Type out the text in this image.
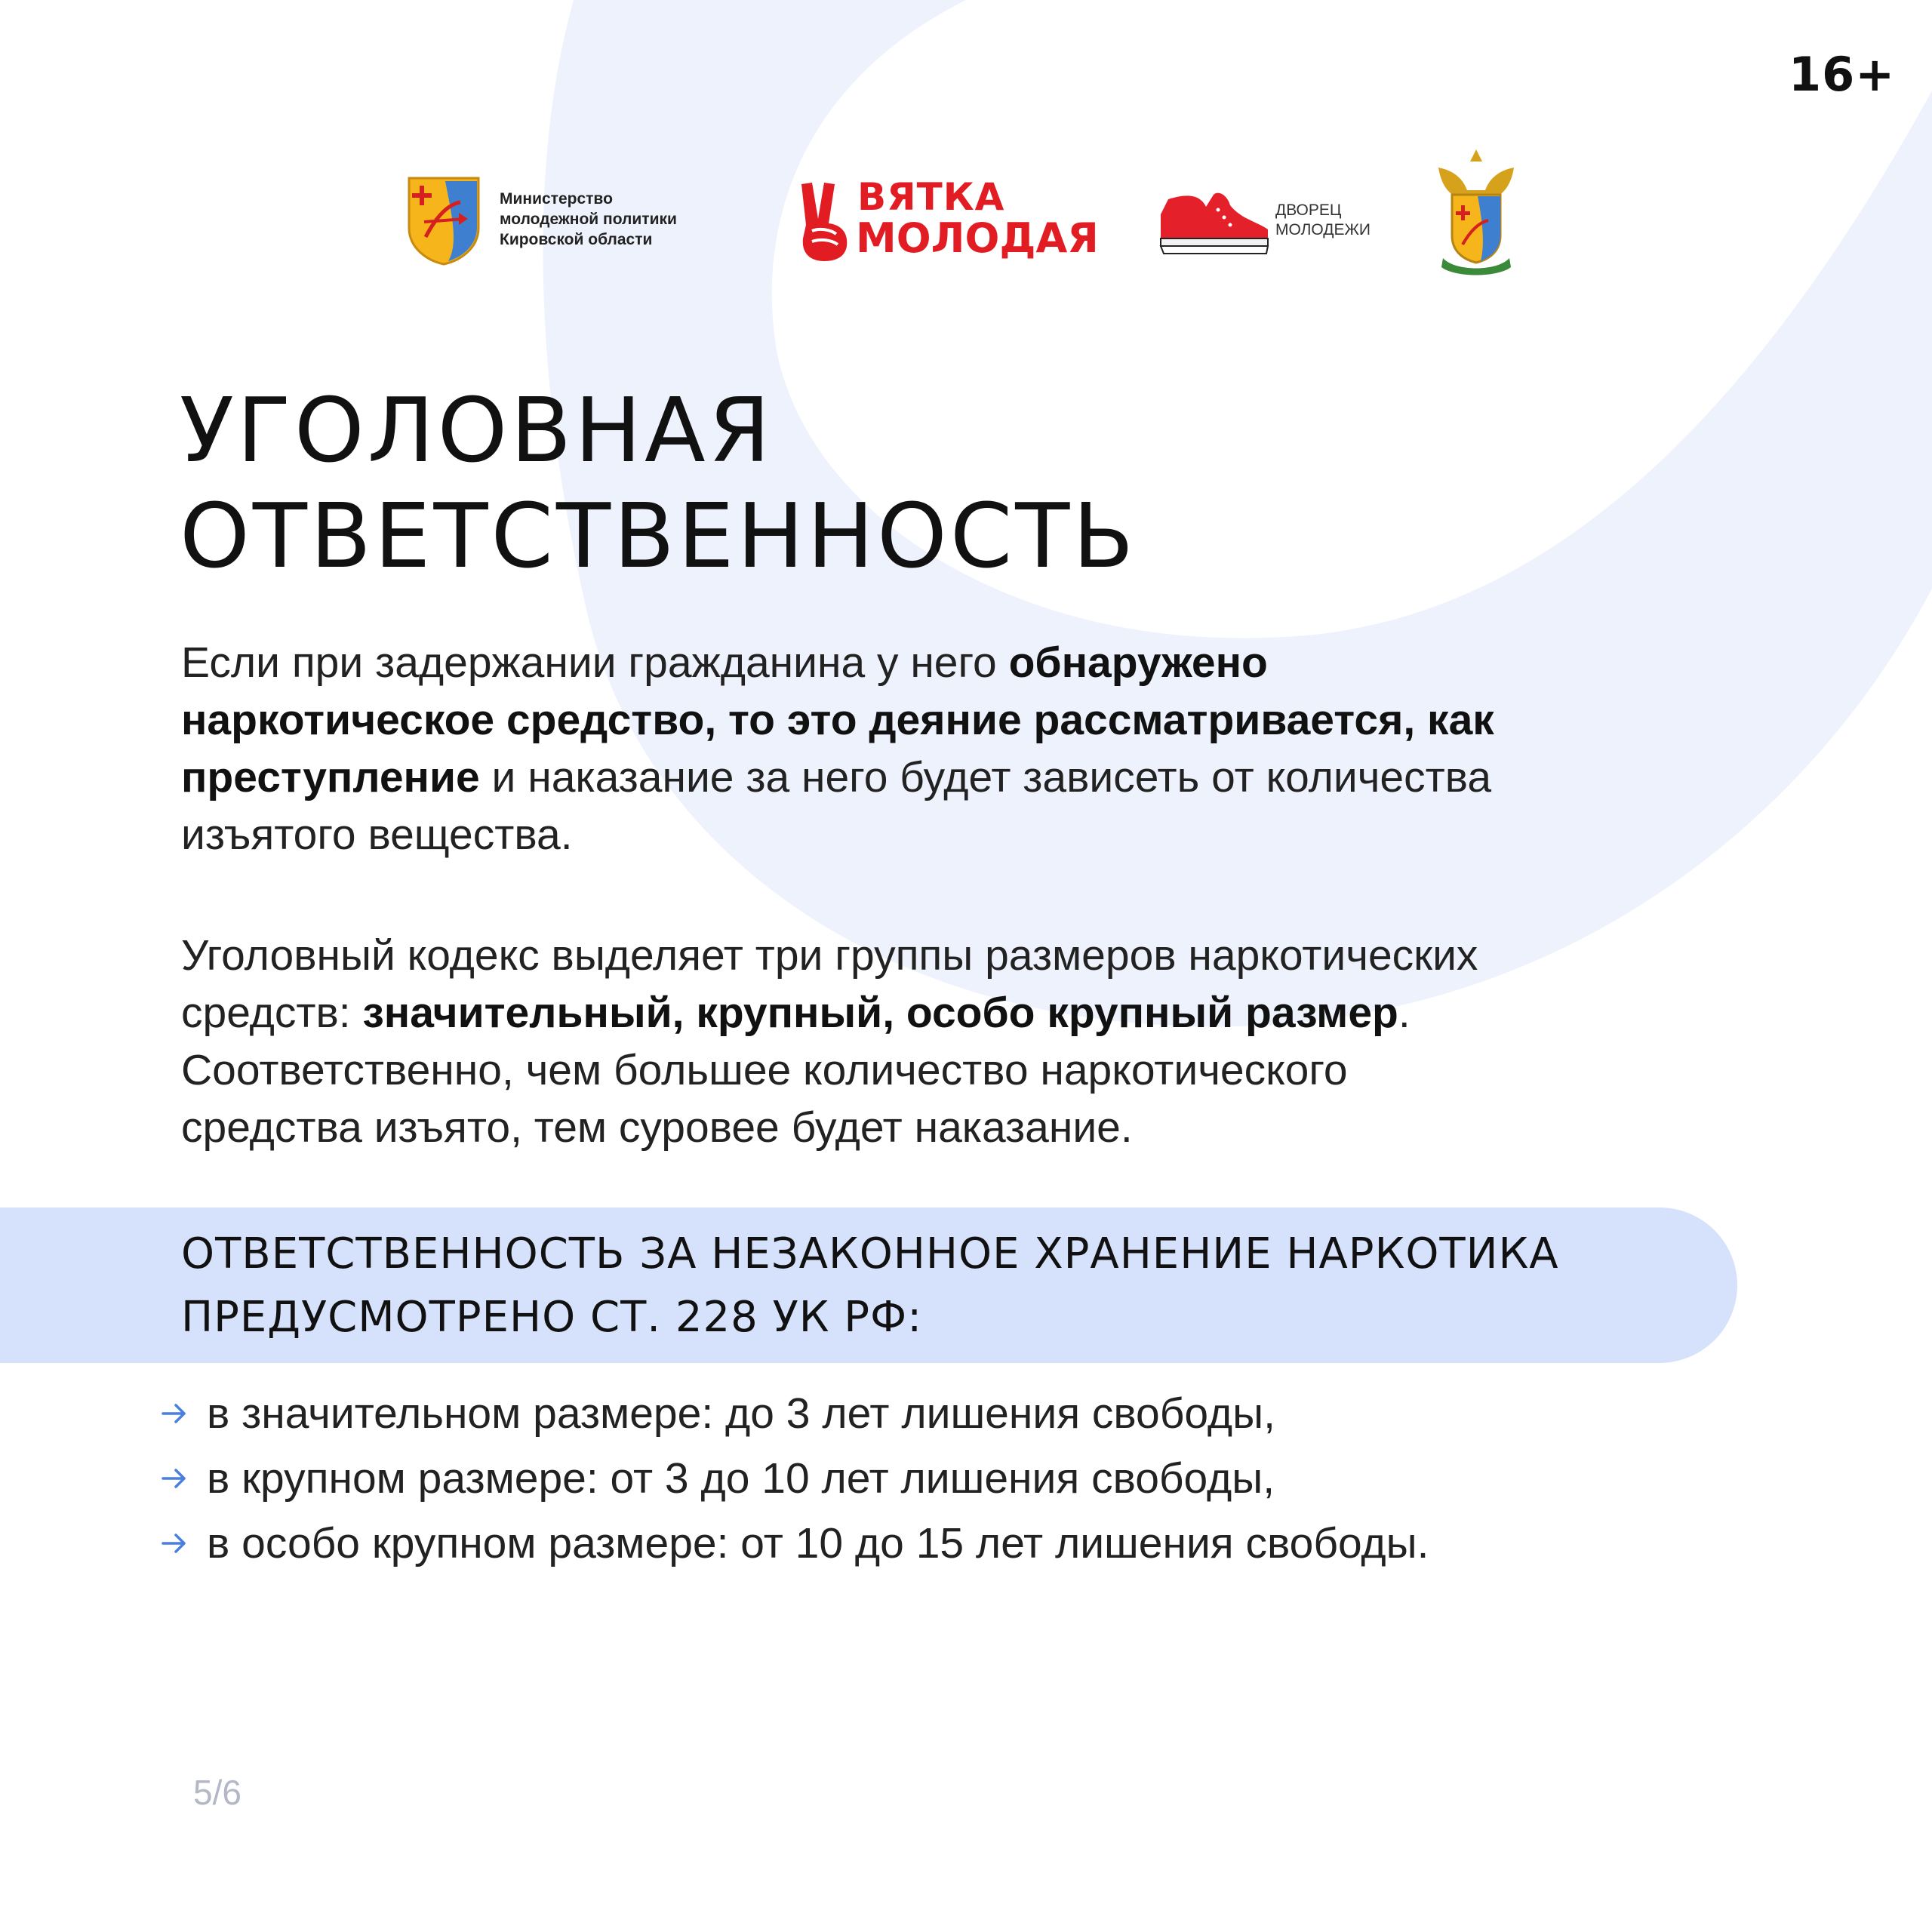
16+
Министерство
молодежной политики
Кировской области
ВЯТКА
МОЛОДАЯ
ДВОРЕЦ
МОЛОДЕЖИ
УГОЛОВНАЯ
ОТВЕТСТВЕННОСТЬ
Если при задержании гражданина у него обнаружено
наркотическое средство, то это деяние рассматривается, как
преступление и наказание за него будет зависеть от количества
изъятого вещества.
Уголовный кодекс выделяет три группы размеров наркотических
средств: значительный, крупный, особо крупный размер.
Соответственно, чем большее количество наркотического
средства изъято, тем суровее будет наказание.
ОТВЕТСТВЕННОСТЬ ЗА НЕЗАКОННОЕ ХРАНЕНИЕ НАРКОТИКА
ПРЕДУСМОТРЕНО СТ. 228 УК РФ:
в значительном размере: до 3 лет лишения свободы,
в крупном размере: от 3 до 10 лет лишения свободы,
в особо крупном размере: от 10 до 15 лет лишения свободы.
5/6
